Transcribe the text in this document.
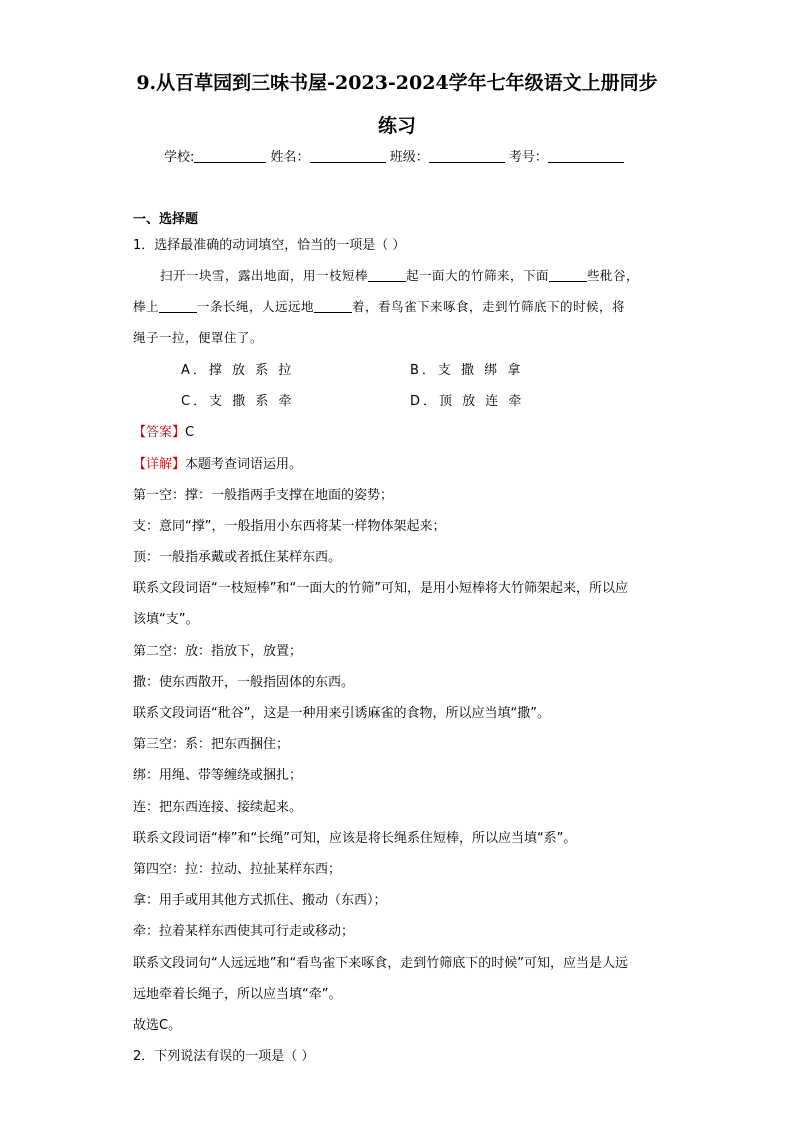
9.从百草园到三味书屋-2023-2024学年七年级语文上册同步
练习
学校:	姓名：	班级：	考号：
一、选择题
1．选择最准确的动词填空，恰当的一项是（ ）
扫开一块雪，露出地面，用一枝短棒	起一面大的竹筛来，下面	些秕谷，
棒上	一条长绳，人远远地	着，看鸟雀下来啄食，走到竹筛底下的时候，将
绳子一拉，便罩住了。
A．撑 放 系 拉	B．支 撒 绑 拿
C．支 撒 系 牵	D．顶 放 连 牵
【答案】C
【详解】本题考查词语运用。
第一空：撑：一般指两手支撑在地面的姿势；
支：意同“撑”，一般指用小东西将某一样物体架起来；
顶：一般指承戴或者抵住某样东西。
联系文段词语“一枝短棒”和“一面大的竹筛”可知，是用小短棒将大竹筛架起来，所以应
该填“支”。
第二空：放：指放下，放置；
撒：使东西散开，一般指固体的东西。
联系文段词语“秕谷”，这是一种用来引诱麻雀的食物，所以应当填“撒”。
第三空：系：把东西捆住；
绑：用绳、带等缠绕或捆扎；
连：把东西连接、接续起来。
联系文段词语“棒”和“长绳”可知，应该是将长绳系住短棒，所以应当填“系”。
第四空：拉：拉动、拉扯某样东西；
拿：用手或用其他方式抓住、搬动（东西）；
牵：拉着某样东西使其可行走或移动；
联系文段词句“人远远地”和“看鸟雀下来啄食，走到竹筛底下的时候”可知，应当是人远
远地牵着长绳子，所以应当填“牵”。
故选C。
2．下列说法有误的一项是（ ）
